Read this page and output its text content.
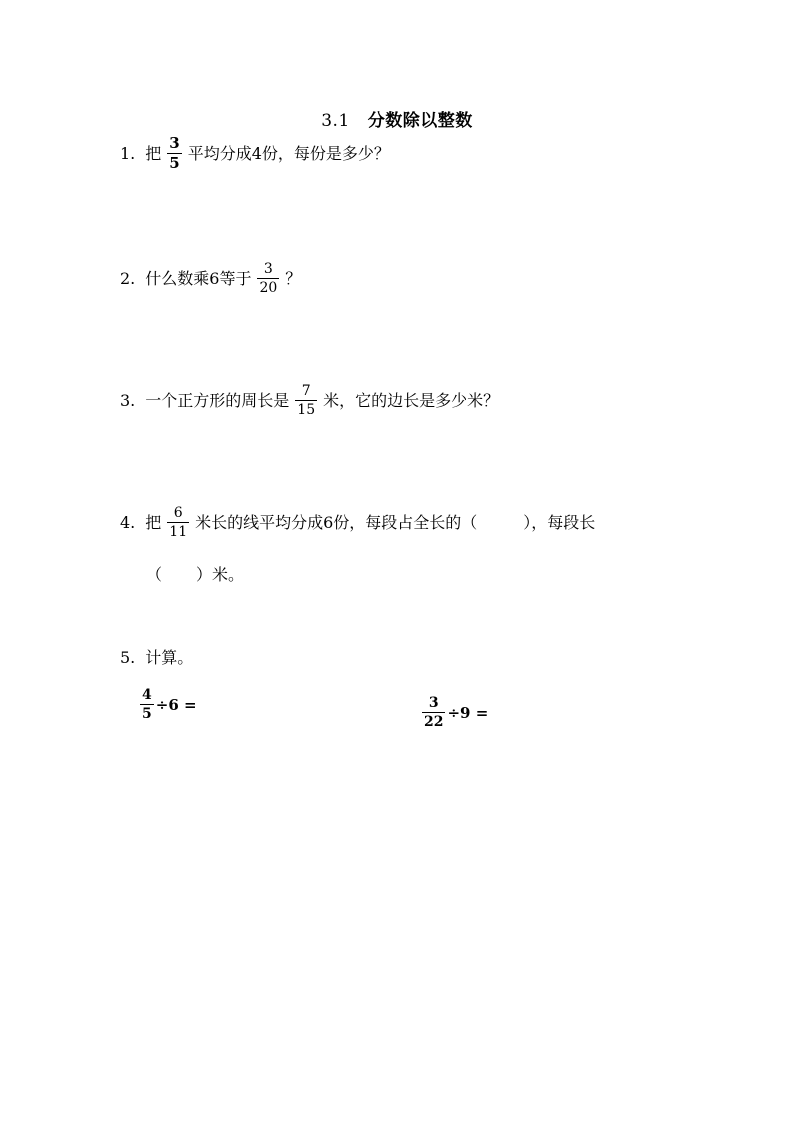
3.1 分数除以整数
1. 把 $\frac{3}{5}$ 平均分成4份，每份是多少？
2. 什么数乘6等于 $\frac{3}{20}$ ？
3. 一个正方形的周长是 $\frac{7}{15}$ 米，它的边长是多少米？
4. 把 $\frac{6}{11}$ 米长的线平均分成6份，每段占全长的（	），每段长
（ ）米。
5. 计算。
$\frac{4}{5} \div 6$ =	$\frac{3}{22} \div 9$ =
